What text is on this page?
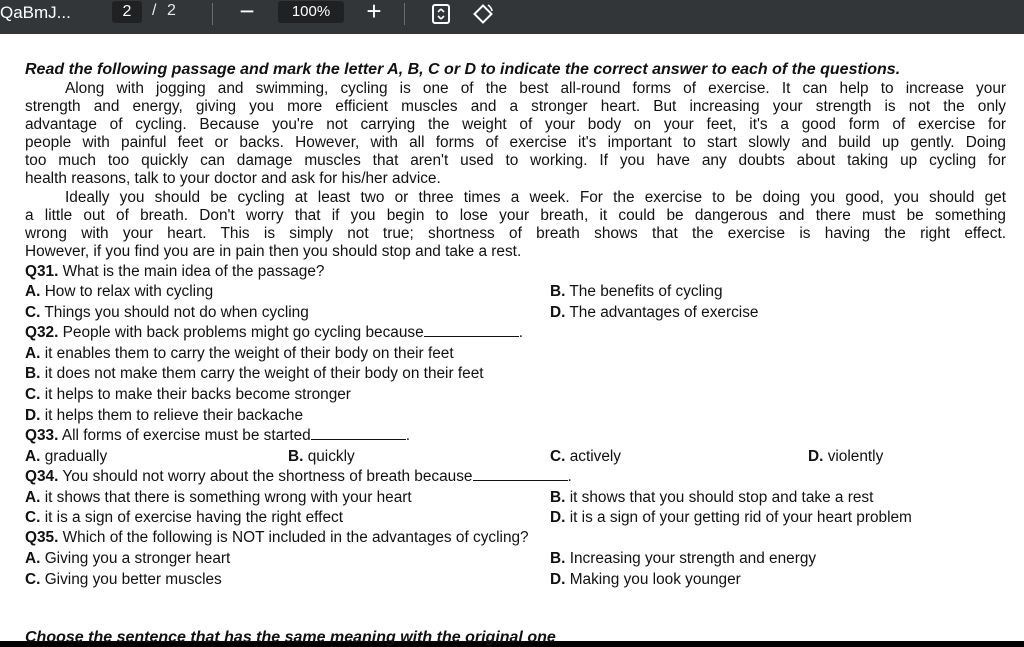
QaBmJ...	2	/ 2 −	100%	+
Read the following passage and mark the letter A, B, C or D to indicate the correct answer to each of the questions.
Along with jogging and swimming, cycling is one of the best all-round forms of exercise. It can help to increase your
strength and energy, giving you more efficient muscles and a stronger heart. But increasing your strength is not the only
advantage of cycling. Because you're not carrying the weight of your body on your feet, it's a good form of exercise for
people with painful feet or backs. However, with all forms of exercise it's important to start slowly and build up gently. Doing
too much too quickly can damage muscles that aren't used to working. If you have any doubts about taking up cycling for
health reasons, talk to your doctor and ask for his/her advice.
Ideally you should be cycling at least two or three times a week. For the exercise to be doing you good, you should get
a little out of breath. Don't worry that if you begin to lose your breath, it could be dangerous and there must be something
wrong with your heart. This is simply not true; shortness of breath shows that the exercise is having the right effect.
However, if you find you are in pain then you should stop and take a rest.
Q31. What is the main idea of the passage?
A. How to relax with cycling	B. The benefits of cycling
C. Things you should not do when cycling	D. The advantages of exercise
Q32. People with back problems might go cycling because	.
A. it enables them to carry the weight of their body on their feet
B. it does not make them carry the weight of their body on their feet
C. it helps to make their backs become stronger
D. it helps them to relieve their backache
Q33. All forms of exercise must be started	.
A. gradually	B. quickly	C. actively	D. violently
Q34. You should not worry about the shortness of breath because	.
A. it shows that there is something wrong with your heart	B. it shows that you should stop and take a rest
C. it is a sign of exercise having the right effect	D. it is a sign of your getting rid of your heart problem
Q35. Which of the following is NOT included in the advantages of cycling?
A. Giving you a stronger heart	B. Increasing your strength and energy
C. Giving you better muscles	D. Making you look younger
Choose the sentence that has the same meaning with the original one
